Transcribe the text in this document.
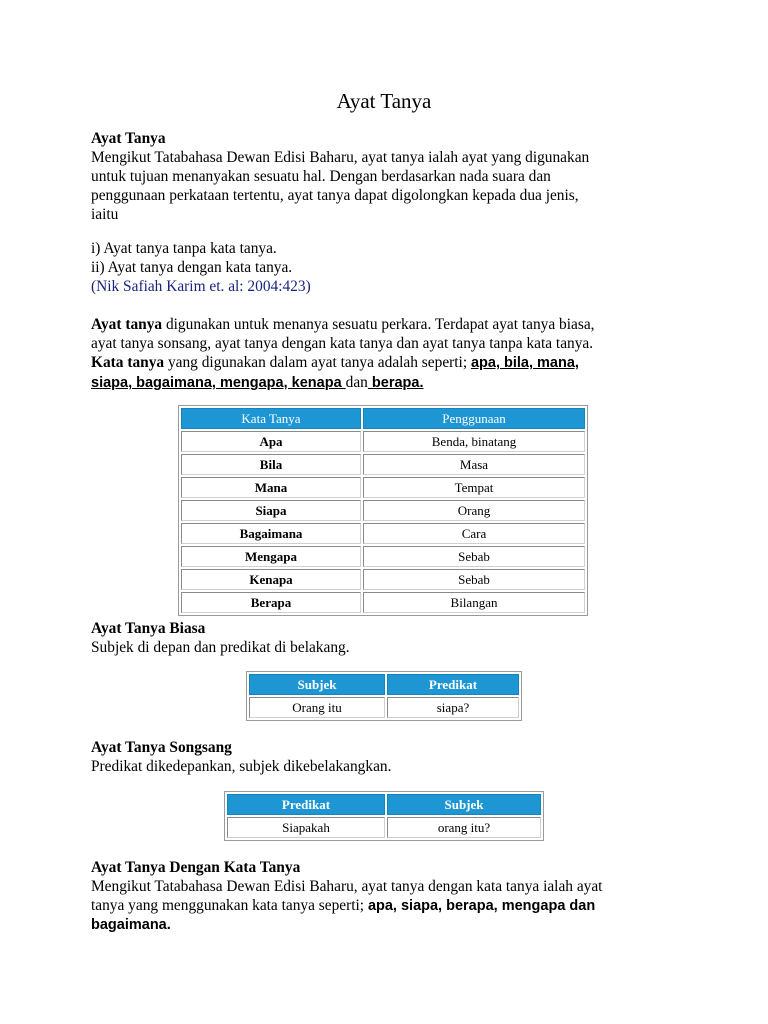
Ayat Tanya

Ayat Tanya

Mengikut Tatabahasa Dewan Edisi Baharu, ayat tanya ialah ayat yang digunakan

untuk tujuan menanyakan sesuatu hal. Dengan berdasarkan nada suara dan

penggunaan perkataan tertentu, ayat tanya dapat digolongkan kepada dua jenis,

iaitu

i) Ayat tanya tanpa kata tanya.

ii) Ayat tanya dengan kata tanya.

(Nik Safiah Karim et. al: 2004:423)

Ayat tanya digunakan untuk menanya sesuatu perkara. Terdapat ayat tanya biasa,

ayat tanya sonsang, ayat tanya dengan kata tanya dan ayat tanya tanpa kata tanya.

Kata tanya yang digunakan dalam ayat tanya adalah seperti; apa, bila, mana,

siapa, bagaimana, mengapa, kenapa dan berapa.

Kata Tanya	Penggunaan
Apa	Benda, binatang
Bila	Masa
Mana	Tempat
Siapa	Orang
Bagaimana	Cara
Mengapa	Sebab
Kenapa	Sebab
Berapa	Bilangan

Ayat Tanya Biasa

Subjek di depan dan predikat di belakang.

Subjek	Predikat
Orang itu	siapa?

Ayat Tanya Songsang

Predikat dikedepankan, subjek dikebelakangkan.

Predikat	Subjek
Siapakah	orang itu?

Ayat Tanya Dengan Kata Tanya

Mengikut Tatabahasa Dewan Edisi Baharu, ayat tanya dengan kata tanya ialah ayat

tanya yang menggunakan kata tanya seperti; apa, siapa, berapa, mengapa dan

bagaimana.
